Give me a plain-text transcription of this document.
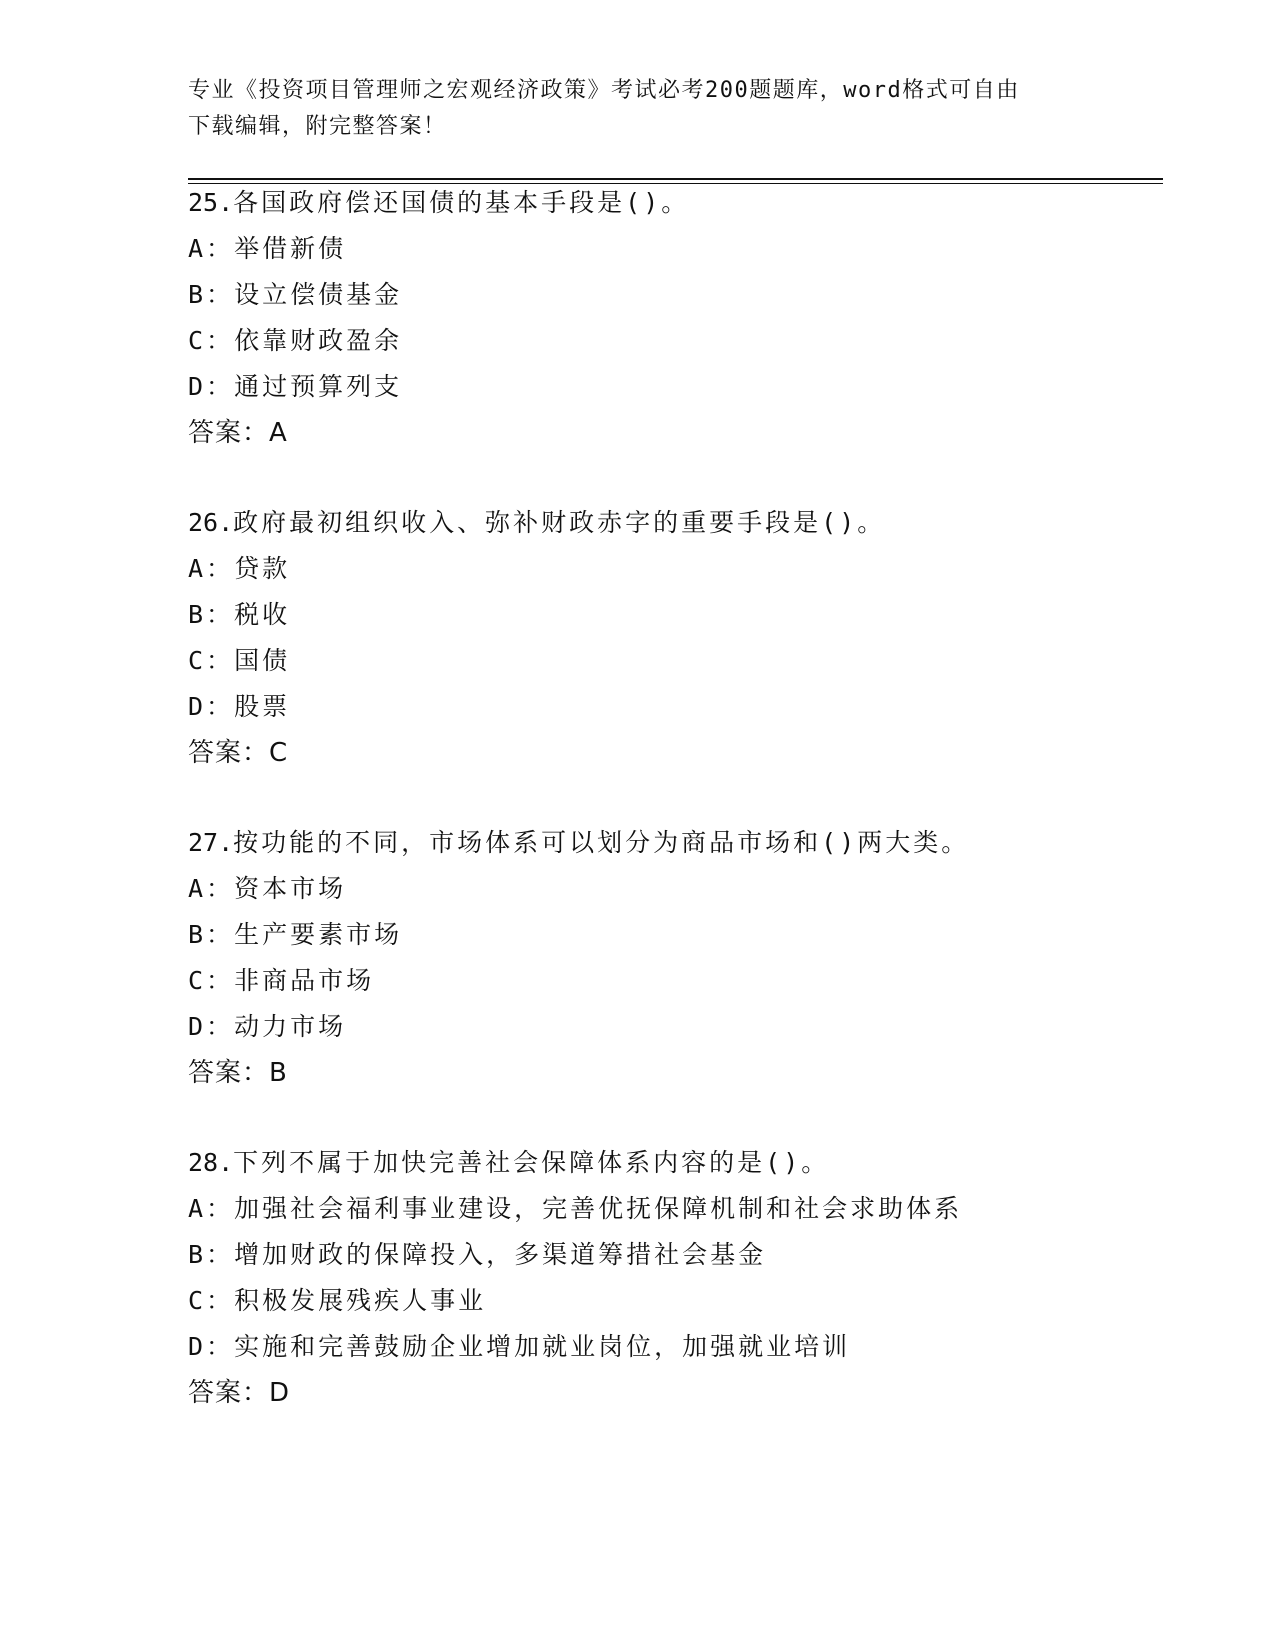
专业《投资项目管理师之宏观经济政策》考试必考200题题库，word格式可自由
下载编辑，附完整答案！
25.各国政府偿还国债的基本手段是()。
A：举借新债
B：设立偿债基金
C：依靠财政盈余
D：通过预算列支
答案：A
26.政府最初组织收入、弥补财政赤字的重要手段是()。
A：贷款
B：税收
C：国债
D：股票
答案：C
27.按功能的不同，市场体系可以划分为商品市场和()两大类。
A：资本市场
B：生产要素市场
C：非商品市场
D：动力市场
答案：B
28.下列不属于加快完善社会保障体系内容的是()。
A：加强社会福利事业建设，完善优抚保障机制和社会求助体系
B：增加财政的保障投入，多渠道筹措社会基金
C：积极发展残疾人事业
D：实施和完善鼓励企业增加就业岗位，加强就业培训
答案：D
